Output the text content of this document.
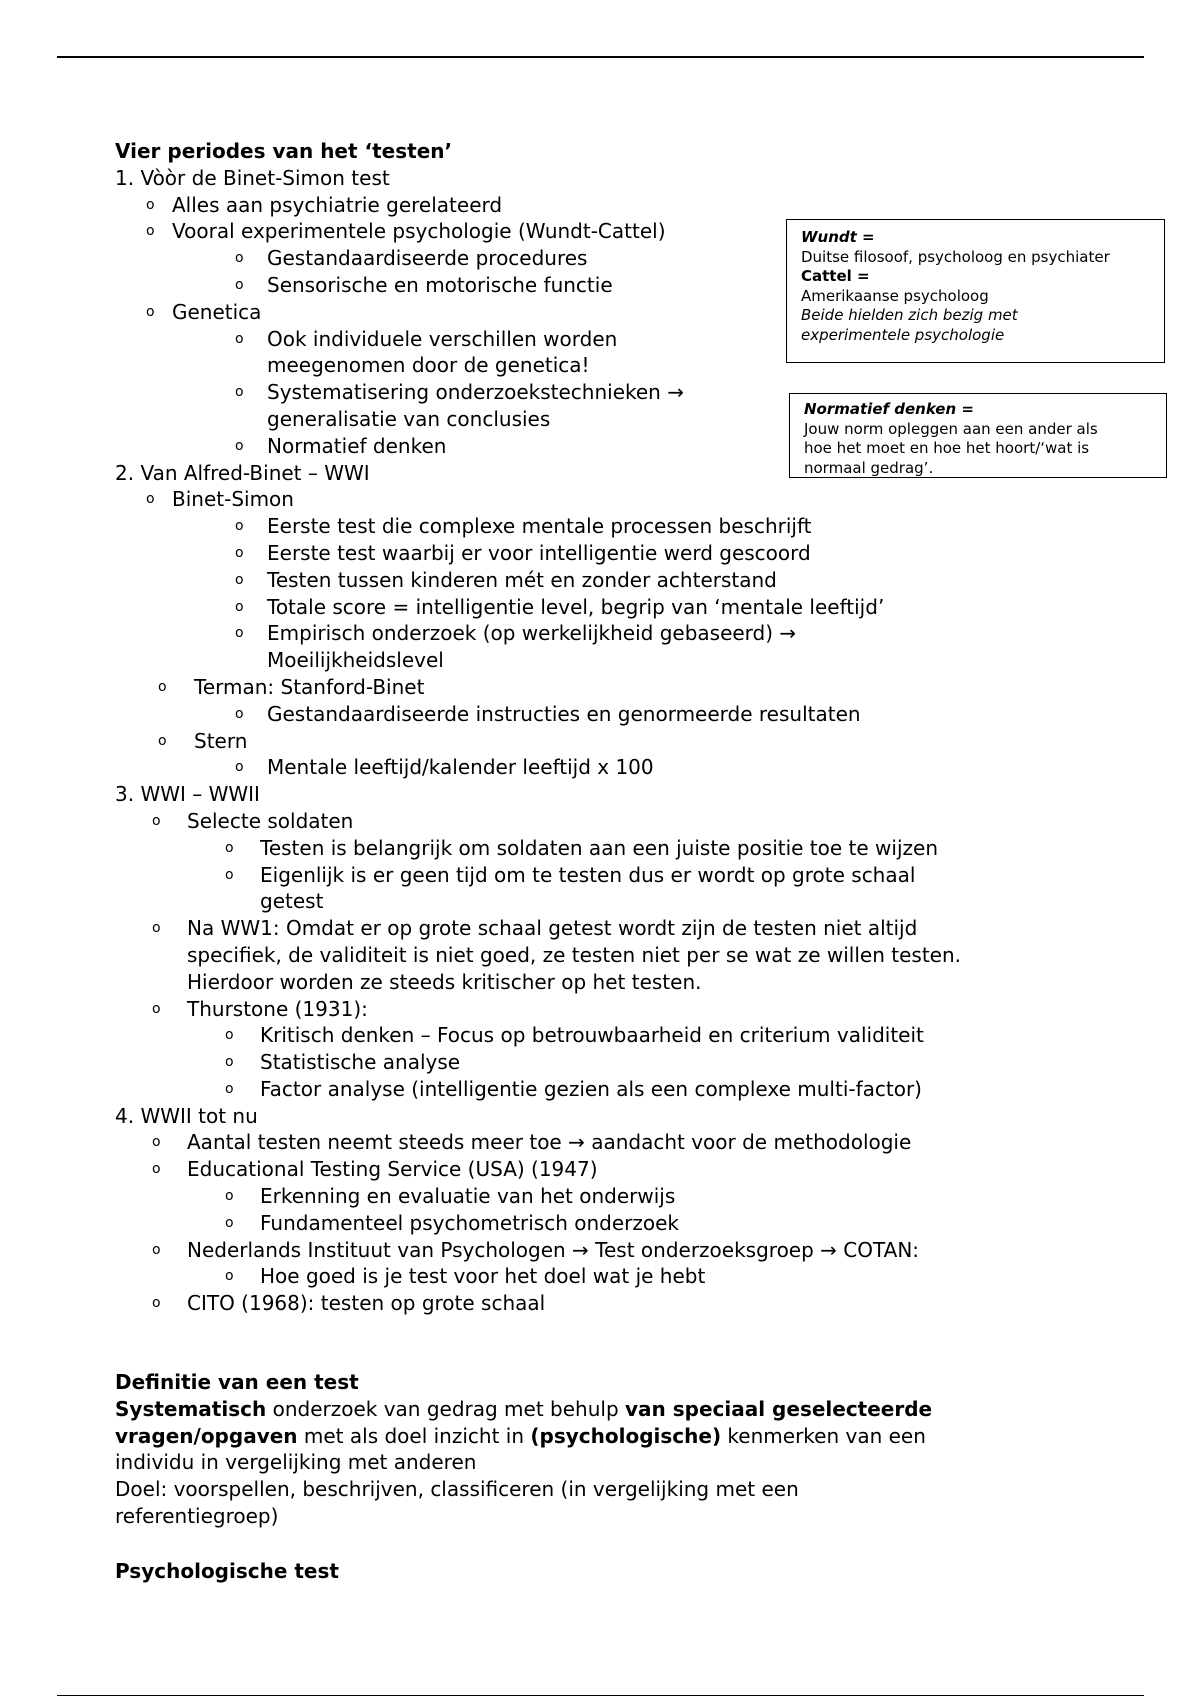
Vier periodes van het ‘testen’
1. Vòòr de Binet-Simon test
o Alles aan psychiatrie gerelateerd
o Vooral experimentele psychologie (Wundt-Cattel)
o Gestandaardiseerde procedures
o Sensorische en motorische functie
o Genetica
o Ook individuele verschillen worden
meegenomen door de genetica!
o Systematisering onderzoekstechnieken →
generalisatie van conclusies
o Normatief denken
2. Van Alfred-Binet – WWI
o Binet-Simon
o Eerste test die complexe mentale processen beschrijft
o Eerste test waarbij er voor intelligentie werd gescoord
o Testen tussen kinderen mét en zonder achterstand
o Totale score = intelligentie level, begrip van ‘mentale leeftijd’
o Empirisch onderzoek (op werkelijkheid gebaseerd) →
Moeilijkheidslevel
o Terman: Stanford-Binet
o Gestandaardiseerde instructies en genormeerde resultaten
o Stern
o Mentale leeftijd/kalender leeftijd x 100
3. WWI – WWII
o Selecte soldaten
o Testen is belangrijk om soldaten aan een juiste positie toe te wijzen
o Eigenlijk is er geen tijd om te testen dus er wordt op grote schaal
getest
o Na WW1: Omdat er op grote schaal getest wordt zijn de testen niet altijd
specifiek, de validiteit is niet goed, ze testen niet per se wat ze willen testen.
Hierdoor worden ze steeds kritischer op het testen.
o Thurstone (1931):
o Kritisch denken – Focus op betrouwbaarheid en criterium validiteit
o Statistische analyse
o Factor analyse (intelligentie gezien als een complexe multi-factor)
4. WWII tot nu
o Aantal testen neemt steeds meer toe → aandacht voor de methodologie
o Educational Testing Service (USA) (1947)
o Erkenning en evaluatie van het onderwijs
o Fundamenteel psychometrisch onderzoek
o Nederlands Instituut van Psychologen → Test onderzoeksgroep → COTAN:
o Hoe goed is je test voor het doel wat je hebt
o CITO (1968): testen op grote schaal
Definitie van een test
Systematisch onderzoek van gedrag met behulp van speciaal geselecteerde
vragen/opgaven met als doel inzicht in (psychologische) kenmerken van een
individu in vergelijking met anderen
Doel: voorspellen, beschrijven, classificeren (in vergelijking met een
referentiegroep)
Psychologische test
Wundt =
Duitse filosoof, psycholoog en psychiater
Cattel =
Amerikaanse psycholoog
Beide hielden zich bezig met
experimentele psychologie
Normatief denken =
Jouw norm opleggen aan een ander als
hoe het moet en hoe het hoort/‘wat is
normaal gedrag’.
